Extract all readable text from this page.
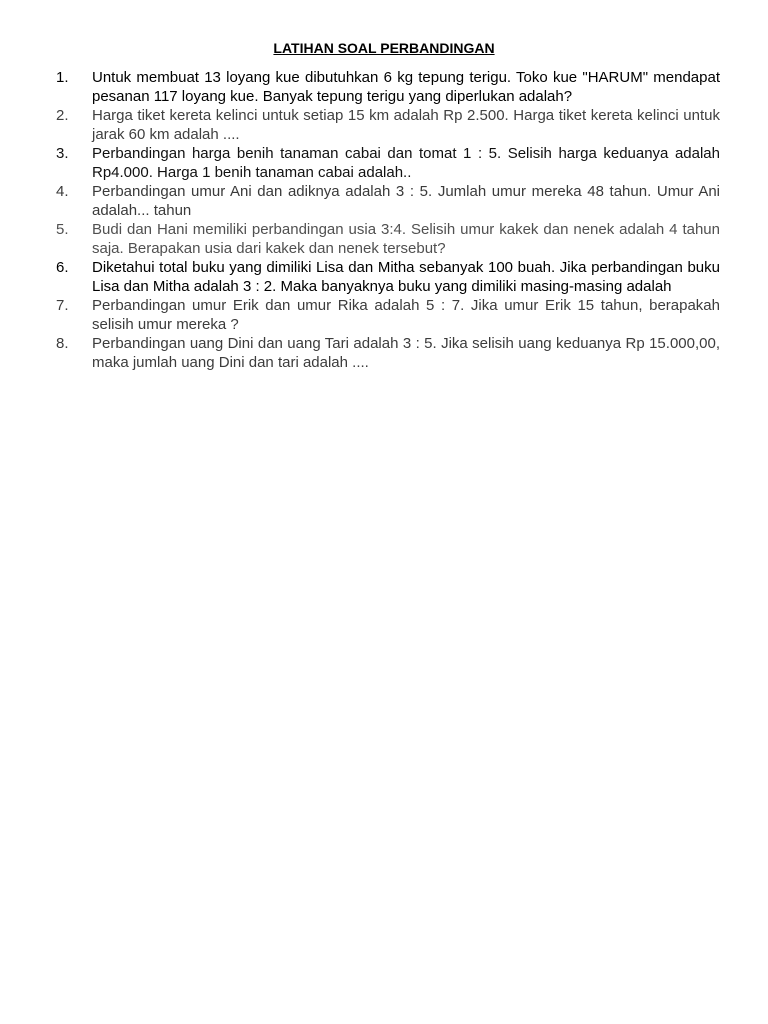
LATIHAN SOAL PERBANDINGAN
1.	Untuk membuat 13 loyang kue dibutuhkan 6 kg tepung terigu. Toko kue "HARUM" mendapat pesanan 117 loyang kue. Banyak tepung terigu yang diperlukan adalah?
2.	Harga tiket kereta kelinci untuk setiap 15 km adalah Rp 2.500. Harga tiket kereta kelinci untuk jarak 60 km adalah ....
3.	Perbandingan harga benih tanaman cabai dan tomat 1 : 5. Selisih harga keduanya adalah Rp4.000. Harga 1 benih tanaman cabai adalah..
4.	Perbandingan umur Ani dan adiknya adalah 3 : 5. Jumlah umur mereka 48 tahun. Umur Ani adalah... tahun
5.	Budi dan Hani memiliki perbandingan usia 3:4. Selisih umur kakek dan nenek adalah 4 tahun saja. Berapakan usia dari kakek dan nenek tersebut?
6.	Diketahui total buku yang dimiliki Lisa dan Mitha sebanyak 100 buah. Jika perbandingan buku Lisa dan Mitha adalah 3 : 2. Maka banyaknya buku yang dimiliki masing-masing adalah
7.	Perbandingan umur Erik dan umur Rika adalah 5 : 7. Jika umur Erik 15 tahun, berapakah selisih umur mereka ?
8.	Perbandingan uang Dini dan uang Tari adalah 3 : 5. Jika selisih uang keduanya Rp 15.000,00, maka jumlah uang Dini dan tari adalah ....
